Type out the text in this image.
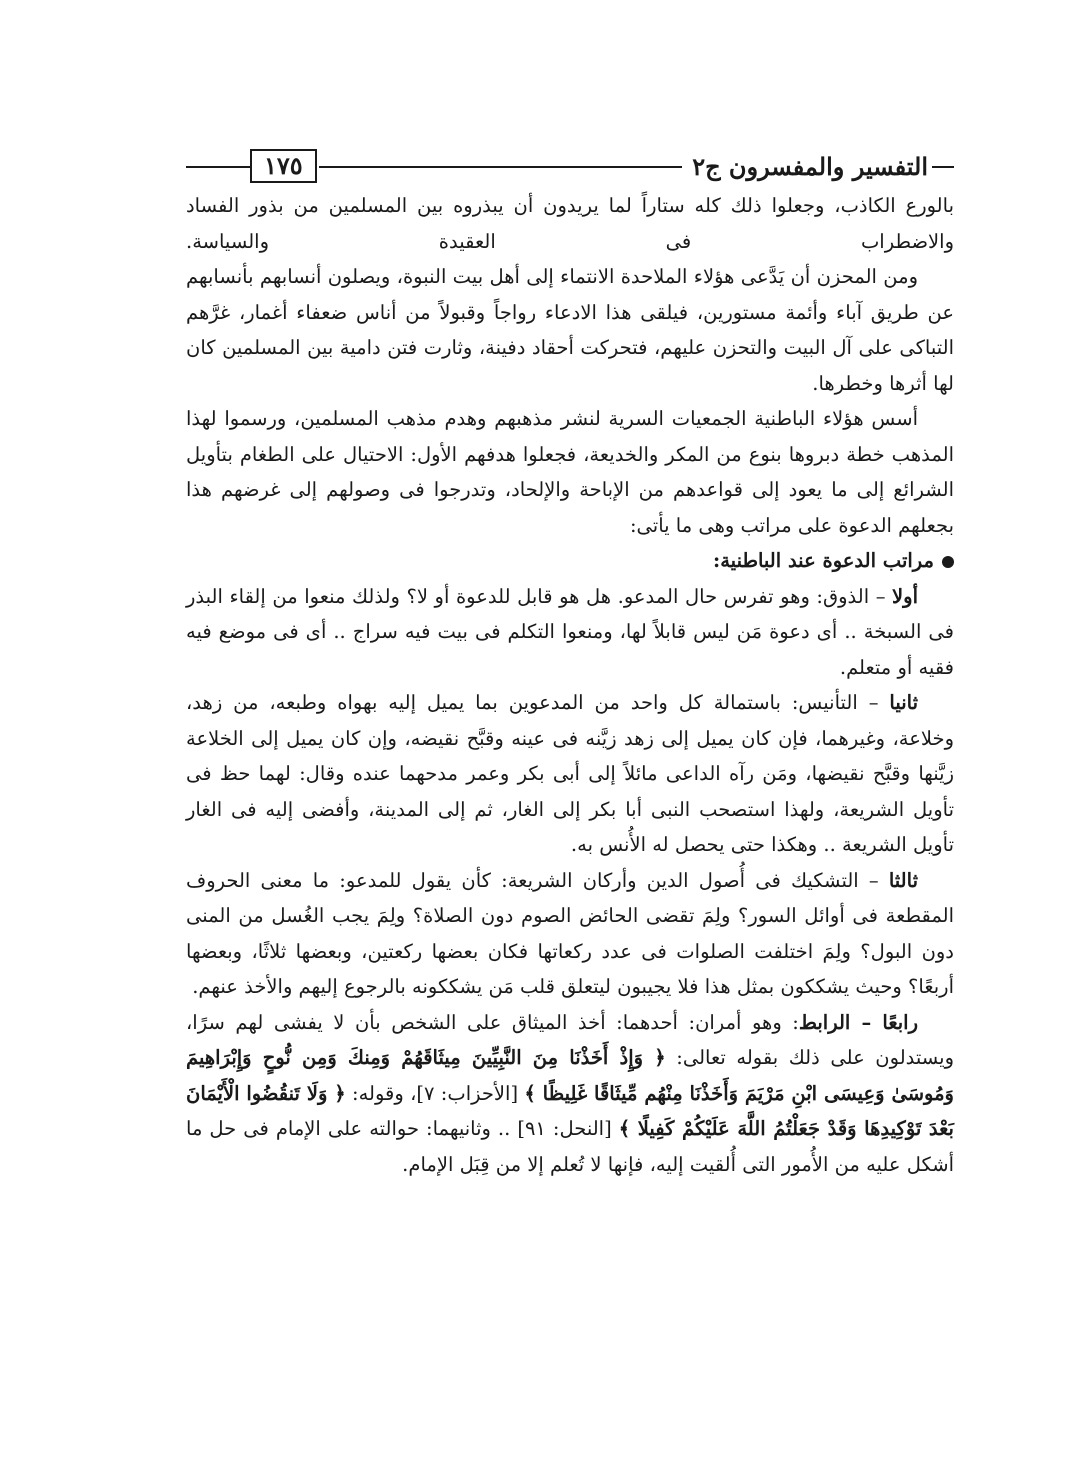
التفسير والمفسرون ج٢
١٧٥

بالورع الكاذب، وجعلوا ذلك كله ستاراً لما يريدون أن يبذروه بين المسلمين من بذور الفساد والاضطراب فى العقيدة والسياسة.

ومن المحزن أن يَدَّعى هؤلاء الملاحدة الانتماء إلى أهل بيت النبوة، ويصلون أنسابهم بأنسابهم عن طريق آباء وأئمة مستورين، فيلقى هذا الادعاء رواجاً وقبولاً من أناس ضعفاء أغمار، غرَّهم التباكى على آل البيت والتحزن عليهم، فتحركت أحقاد دفينة، وثارت فتن دامية بين المسلمين كان لها أثرها وخطرها.

أسس هؤلاء الباطنية الجمعيات السرية لنشر مذهبهم وهدم مذهب المسلمين، ورسموا لهذا المذهب خطة دبروها بنوع من المكر والخديعة، فجعلوا هدفهم الأول: الاحتيال على الطغام بتأويل الشرائع إلى ما يعود إلى قواعدهم من الإباحة والإلحاد، وتدرجوا فى وصولهم إلى غرضهم هذا بجعلهم الدعوة على مراتب وهى ما يأتى:

مراتب الدعوة عند الباطنية:

أولا – الذوق: وهو تفرس حال المدعو. هل هو قابل للدعوة أو لا؟ ولذلك منعوا من إلقاء البذر فى السبخة .. أى دعوة مَن ليس قابلاً لها، ومنعوا التكلم فى بيت فيه سراج .. أى فى موضع فيه فقيه أو متعلم.

ثانيا – التأنيس: باستمالة كل واحد من المدعوين بما يميل إليه بهواه وطبعه، من زهد، وخلاعة، وغيرهما، فإن كان يميل إلى زهد زيَّنه فى عينه وقبَّح نقيضه، وإن كان يميل إلى الخلاعة زيَّنها وقبَّح نقيضها، ومَن رآه الداعى مائلاً إلى أبى بكر وعمر مدحهما عنده وقال: لهما حظ فى تأويل الشريعة، ولهذا استصحب النبى أبا بكر إلى الغار، ثم إلى المدينة، وأفضى إليه فى الغار تأويل الشريعة .. وهكذا حتى يحصل له الأُنس به.

ثالثا – التشكيك فى أُصول الدين وأركان الشريعة: كأن يقول للمدعو: ما معنى الحروف المقطعة فى أوائل السور؟ ولِمَ تقضى الحائض الصوم دون الصلاة؟ ولِمَ يجب الغُسل من المنى دون البول؟ ولِمَ اختلفت الصلوات فى عدد ركعاتها فكان بعضها ركعتين، وبعضها ثلاثًا، وبعضها أربعًا؟ وحيث يشككون بمثل هذا فلا يجيبون ليتعلق قلب مَن يشككونه بالرجوع إليهم والأخذ عنهم.

رابعًا – الرابط: وهو أمران: أحدهما: أخذ الميثاق على الشخص بأن لا يفشى لهم سرًا، ويستدلون على ذلك بقوله تعالى: ﴿ وَإِذْ أَخَذْنَا مِنَ النَّبِيِّينَ مِيثَاقَهُمْ وَمِنكَ وَمِن نُّوحٍ وَإِبْرَاهِيمَ وَمُوسَىٰ وَعِيسَى ابْنِ مَرْيَمَ وَأَخَذْنَا مِنْهُم مِّيثَاقًا غَلِيظًا ﴾ [الأحزاب: ٧]، وقوله: ﴿ وَلَا تَنقُضُوا الْأَيْمَانَ بَعْدَ تَوْكِيدِهَا وَقَدْ جَعَلْتُمُ اللَّهَ عَلَيْكُمْ كَفِيلًا ﴾ [النحل: ٩١] .. وثانيهما: حوالته على الإمام فى حل ما أشكل عليه من الأُمور التى أُلقيت إليه، فإنها لا تُعلم إلا من قِبَل الإمام.
